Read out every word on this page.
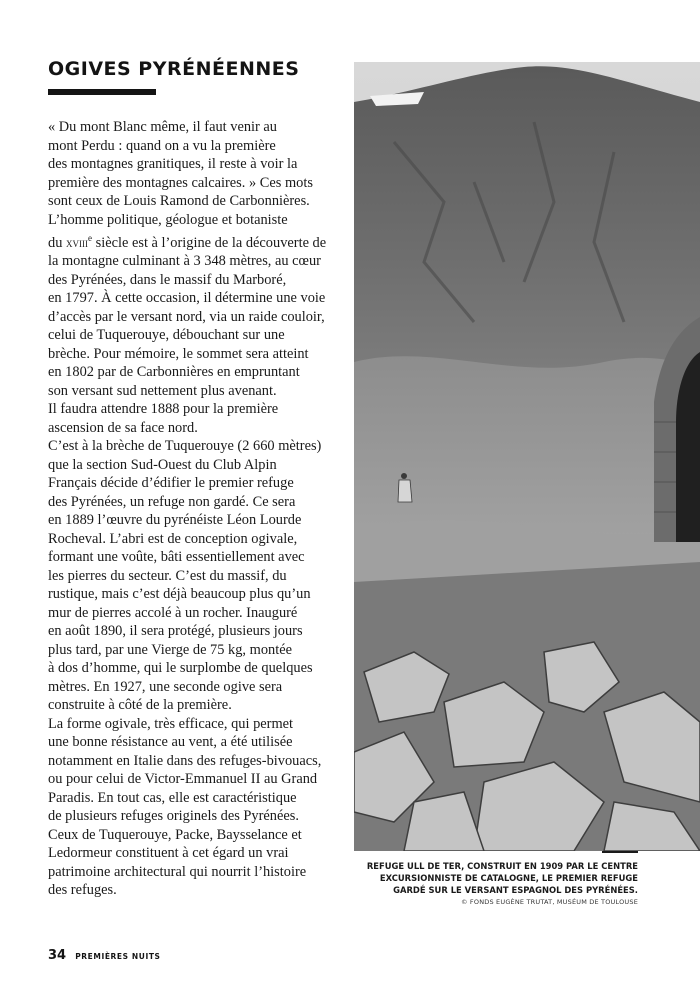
OGIVES PYRÉNÉENNES

« Du mont Blanc même, il faut venir au

mont Perdu : quand on a vu la première

des montagnes granitiques, il reste à voir la

première des montagnes calcaires. » Ces mots

sont ceux de Louis Ramond de Carbonnières.

L’homme politique, géologue et botaniste

du xviii$^e$ siècle est à l’origine de la découverte de

la montagne culminant à 3 348 mètres, au cœur

des Pyrénées, dans le massif du Marboré,

en 1797. À cette occasion, il détermine une voie

d’accès par le versant nord, via un raide couloir,

celui de Tuquerouye, débouchant sur une

brèche. Pour mémoire, le sommet sera atteint

en 1802 par de Carbonnières en empruntant

son versant sud nettement plus avenant.

Il faudra attendre 1888 pour la première

ascension de sa face nord.

C’est à la brèche de Tuquerouye (2 660 mètres)

que la section Sud-Ouest du Club Alpin

Français décide d’édifier le premier refuge

des Pyrénées, un refuge non gardé. Ce sera

en 1889 l’œuvre du pyrénéiste Léon Lourde

Rocheval. L’abri est de conception ogivale,

formant une voûte, bâti essentiellement avec

les pierres du secteur. C’est du massif, du

rustique, mais c’est déjà beaucoup plus qu’un

mur de pierres accolé à un rocher. Inauguré

en août 1890, il sera protégé, plusieurs jours

plus tard, par une Vierge de 75 kg, montée

à dos d’homme, qui le surplombe de quelques

mètres. En 1927, une seconde ogive sera

construite à côté de la première.

La forme ogivale, très efficace, qui permet

une bonne résistance au vent, a été utilisée

notamment en Italie dans des refuges-bivouacs,

ou pour celui de Victor-Emmanuel II au Grand

Paradis. En tout cas, elle est caractéristique

de plusieurs refuges originels des Pyrénées.

Ceux de Tuquerouye, Packe, Baysselance et

Ledormeur constituent à cet égard un vrai

patrimoine architectural qui nourrit l’histoire

des refuges.

REFUGE ULL DE TER, CONSTRUIT EN 1909 PAR LE CENTRE
EXCURSIONNISTE DE CATALOGNE, LE PREMIER REFUGE
GARDÉ SUR LE VERSANT ESPAGNOL DES PYRÉNÉES.
© FONDS EUGÈNE TRUTAT, MUSÉUM DE TOULOUSE
34 PREMIÈRES NUITS
